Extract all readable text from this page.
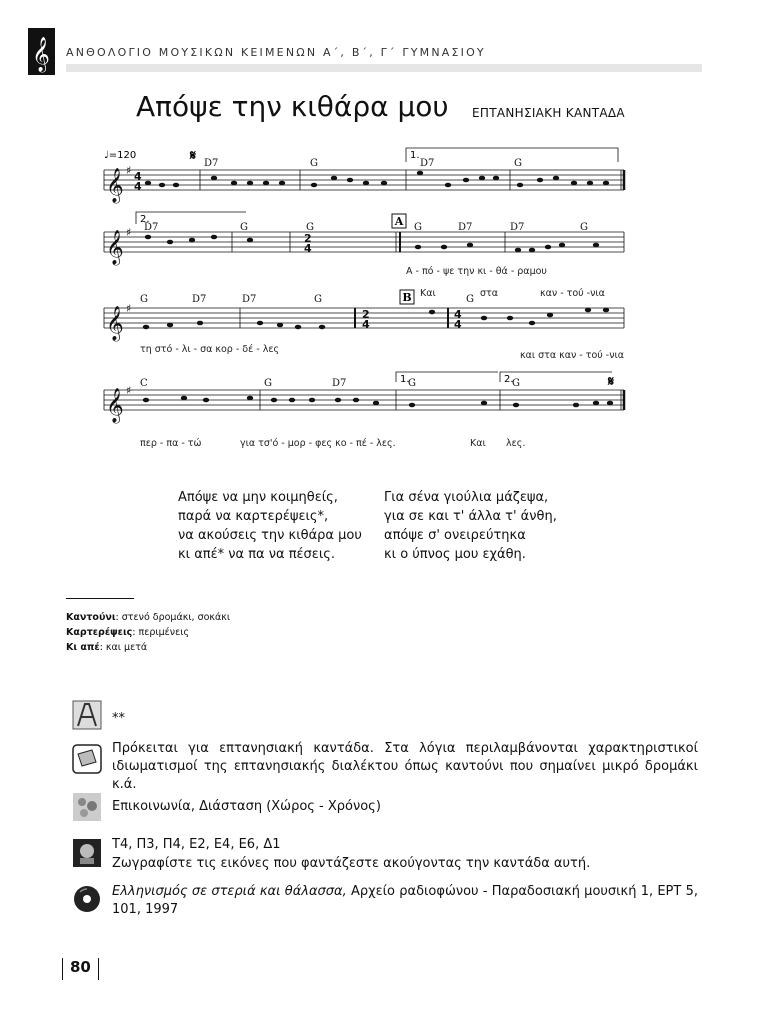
𝄞 ΑΝΘΟΛΟΓΙΟ ΜΟΥΣΙΚΩΝ ΚΕΙΜΕΝΩΝ Α΄, Β΄, Γ΄ ΓΥΜΝΑΣΙΟΥ
Απόψε την κιθάρα μου ΕΠΤΑΝΗΣΙΑΚΗ ΚΑΝΤΑΔΑ
𝄞
𝄞
𝄞
𝄞
♯
♯
♯
♯
4
4
2
4
2
4
4
4
A
B
♩=120	1.
2.
1.	2.
𝄋
𝄋
D7	G	D7	G
D7	G	G	G	D7	D7	G
G	D7	D7	G	G
C	G	D7	G	G
Α - πό - ψε την κι - θά - ραμου
Και	στα	καν - τού -νια
τη στό - λι - σα κορ - δέ - λες
και στα καν - τού -νια
περ - πα - τώ	για τσ'ό - μορ - φες κο - πέ - λες.	Και λες.
Απόψε να μην κοιμηθείς,
παρά να καρτερέψεις*,
να ακούσεις την κιθάρα μου
κι απέ* να πα να πέσεις.
Για σένα γιούλια μάζεψα,
για σε και τ' άλλα τ' άνθη,
απόψε σ' ονειρεύτηκα
κι ο ύπνος μου εχάθη.
Καντούνι: στενό δρομάκι, σοκάκι
Καρτερέψεις: περιμένεις
Κι απέ: και μετά
**
Πρόκειται για επτανησιακή καντάδα. Στα λόγια περιλαμβάνονται χαρακτηριστικοί ιδιωματισμοί της επτανησιακής διαλέκτου όπως καντούνι που σημαίνει μικρό δρομάκι κ.ά.
Επικοινωνία, Διάσταση (Χώρος - Χρόνος)
Τ4, Π3, Π4, Ε2, Ε4, Ε6, Δ1
Ζωγραφίστε τις εικόνες που φαντάζεστε ακούγοντας την καντάδα αυτή.
Ελληνισμός σε στεριά και θάλασσα, Αρχείο ραδιοφώνου - Παραδοσιακή μουσική 1, ΕΡΤ 5, 101, 1997
80
